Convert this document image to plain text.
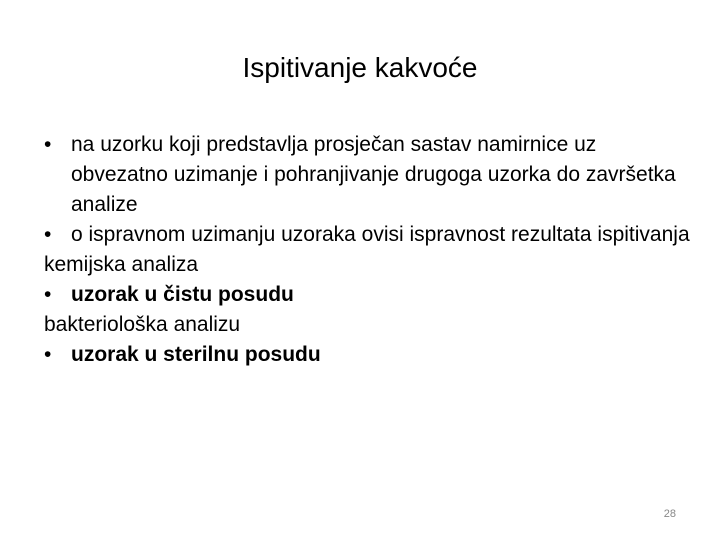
Ispitivanje kakvoće

• na uzorku koji predstavlja prosječan sastav namirnice uz obvezatno uzimanje i pohranjivanje drugoga uzorka do završetka analize

• o ispravnom uzimanju uzoraka ovisi ispravnost rezultata ispitivanja

kemijska analiza

• uzorak u čistu posudu

bakteriološka analizu

• uzorak u sterilnu posudu

28
